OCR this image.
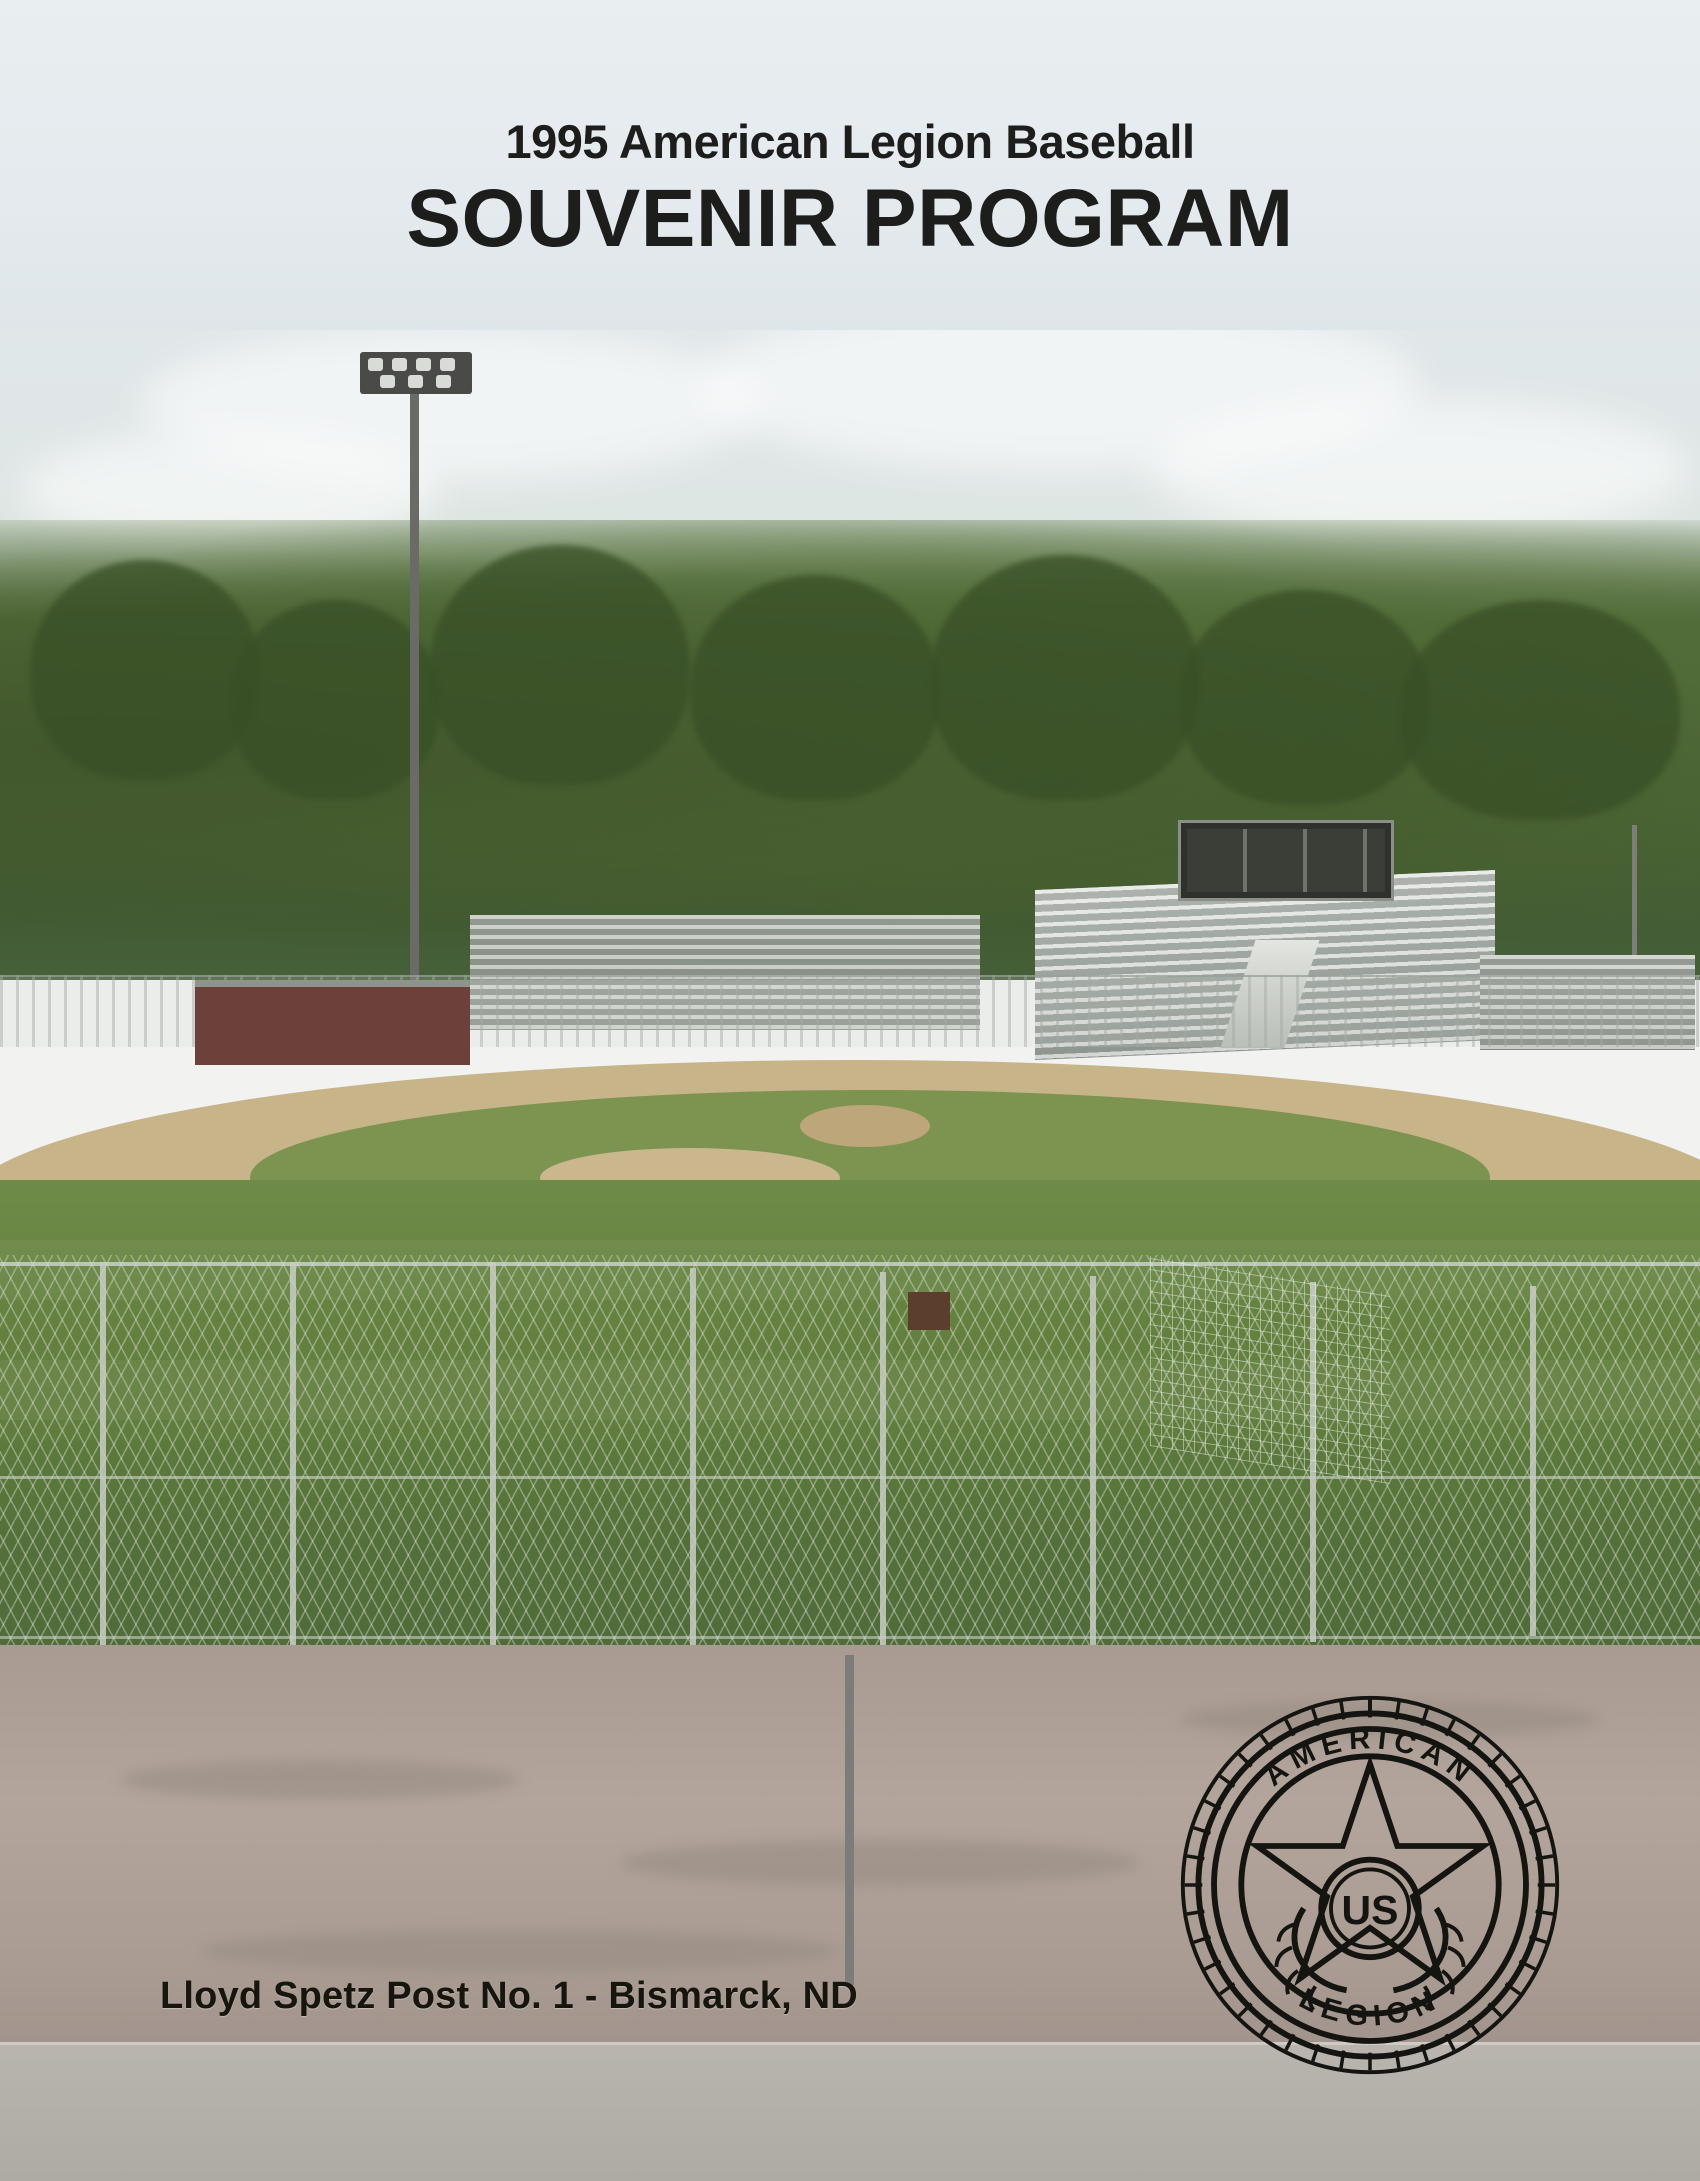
1995 American Legion Baseball
SOUVENIR PROGRAM
Lloyd Spetz Post No. 1 - Bismarck, ND
AMERICAN
LEGION
US
